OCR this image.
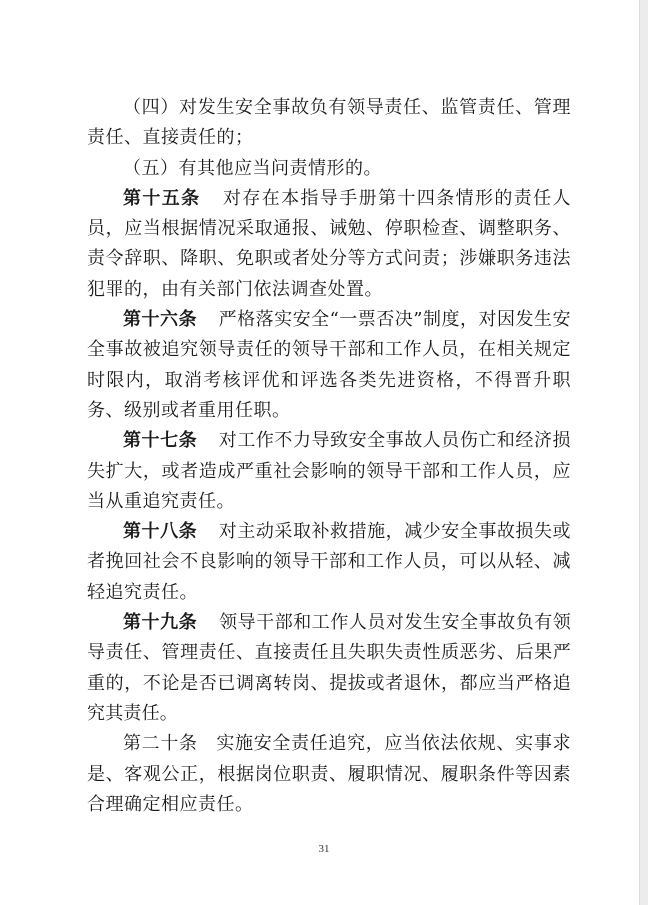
（四）对发生安全事故负有领导责任、监管责任、管理责任、直接责任的；

（五）有其他应当问责情形的。

第十五条 对存在本指导手册第十四条情形的责任人员，应当根据情况采取通报、诫勉、停职检查、调整职务、责令辞职、降职、免职或者处分等方式问责；涉嫌职务违法犯罪的，由有关部门依法调查处置。

第十六条 严格落实安全“一票否决”制度，对因发生安全事故被追究领导责任的领导干部和工作人员，在相关规定时限内，取消考核评优和评选各类先进资格，不得晋升职务、级别或者重用任职。

第十七条 对工作不力导致安全事故人员伤亡和经济损失扩大，或者造成严重社会影响的领导干部和工作人员，应当从重追究责任。

第十八条 对主动采取补救措施，减少安全事故损失或者挽回社会不良影响的领导干部和工作人员，可以从轻、减轻追究责任。

第十九条 领导干部和工作人员对发生安全事故负有领导责任、管理责任、直接责任且失职失责性质恶劣、后果严重的，不论是否已调离转岗、提拔或者退休，都应当严格追究其责任。

第二十条　实施安全责任追究，应当依法依规、实事求是、客观公正，根据岗位职责、履职情况、履职条件等因素合理确定相应责任。

31
